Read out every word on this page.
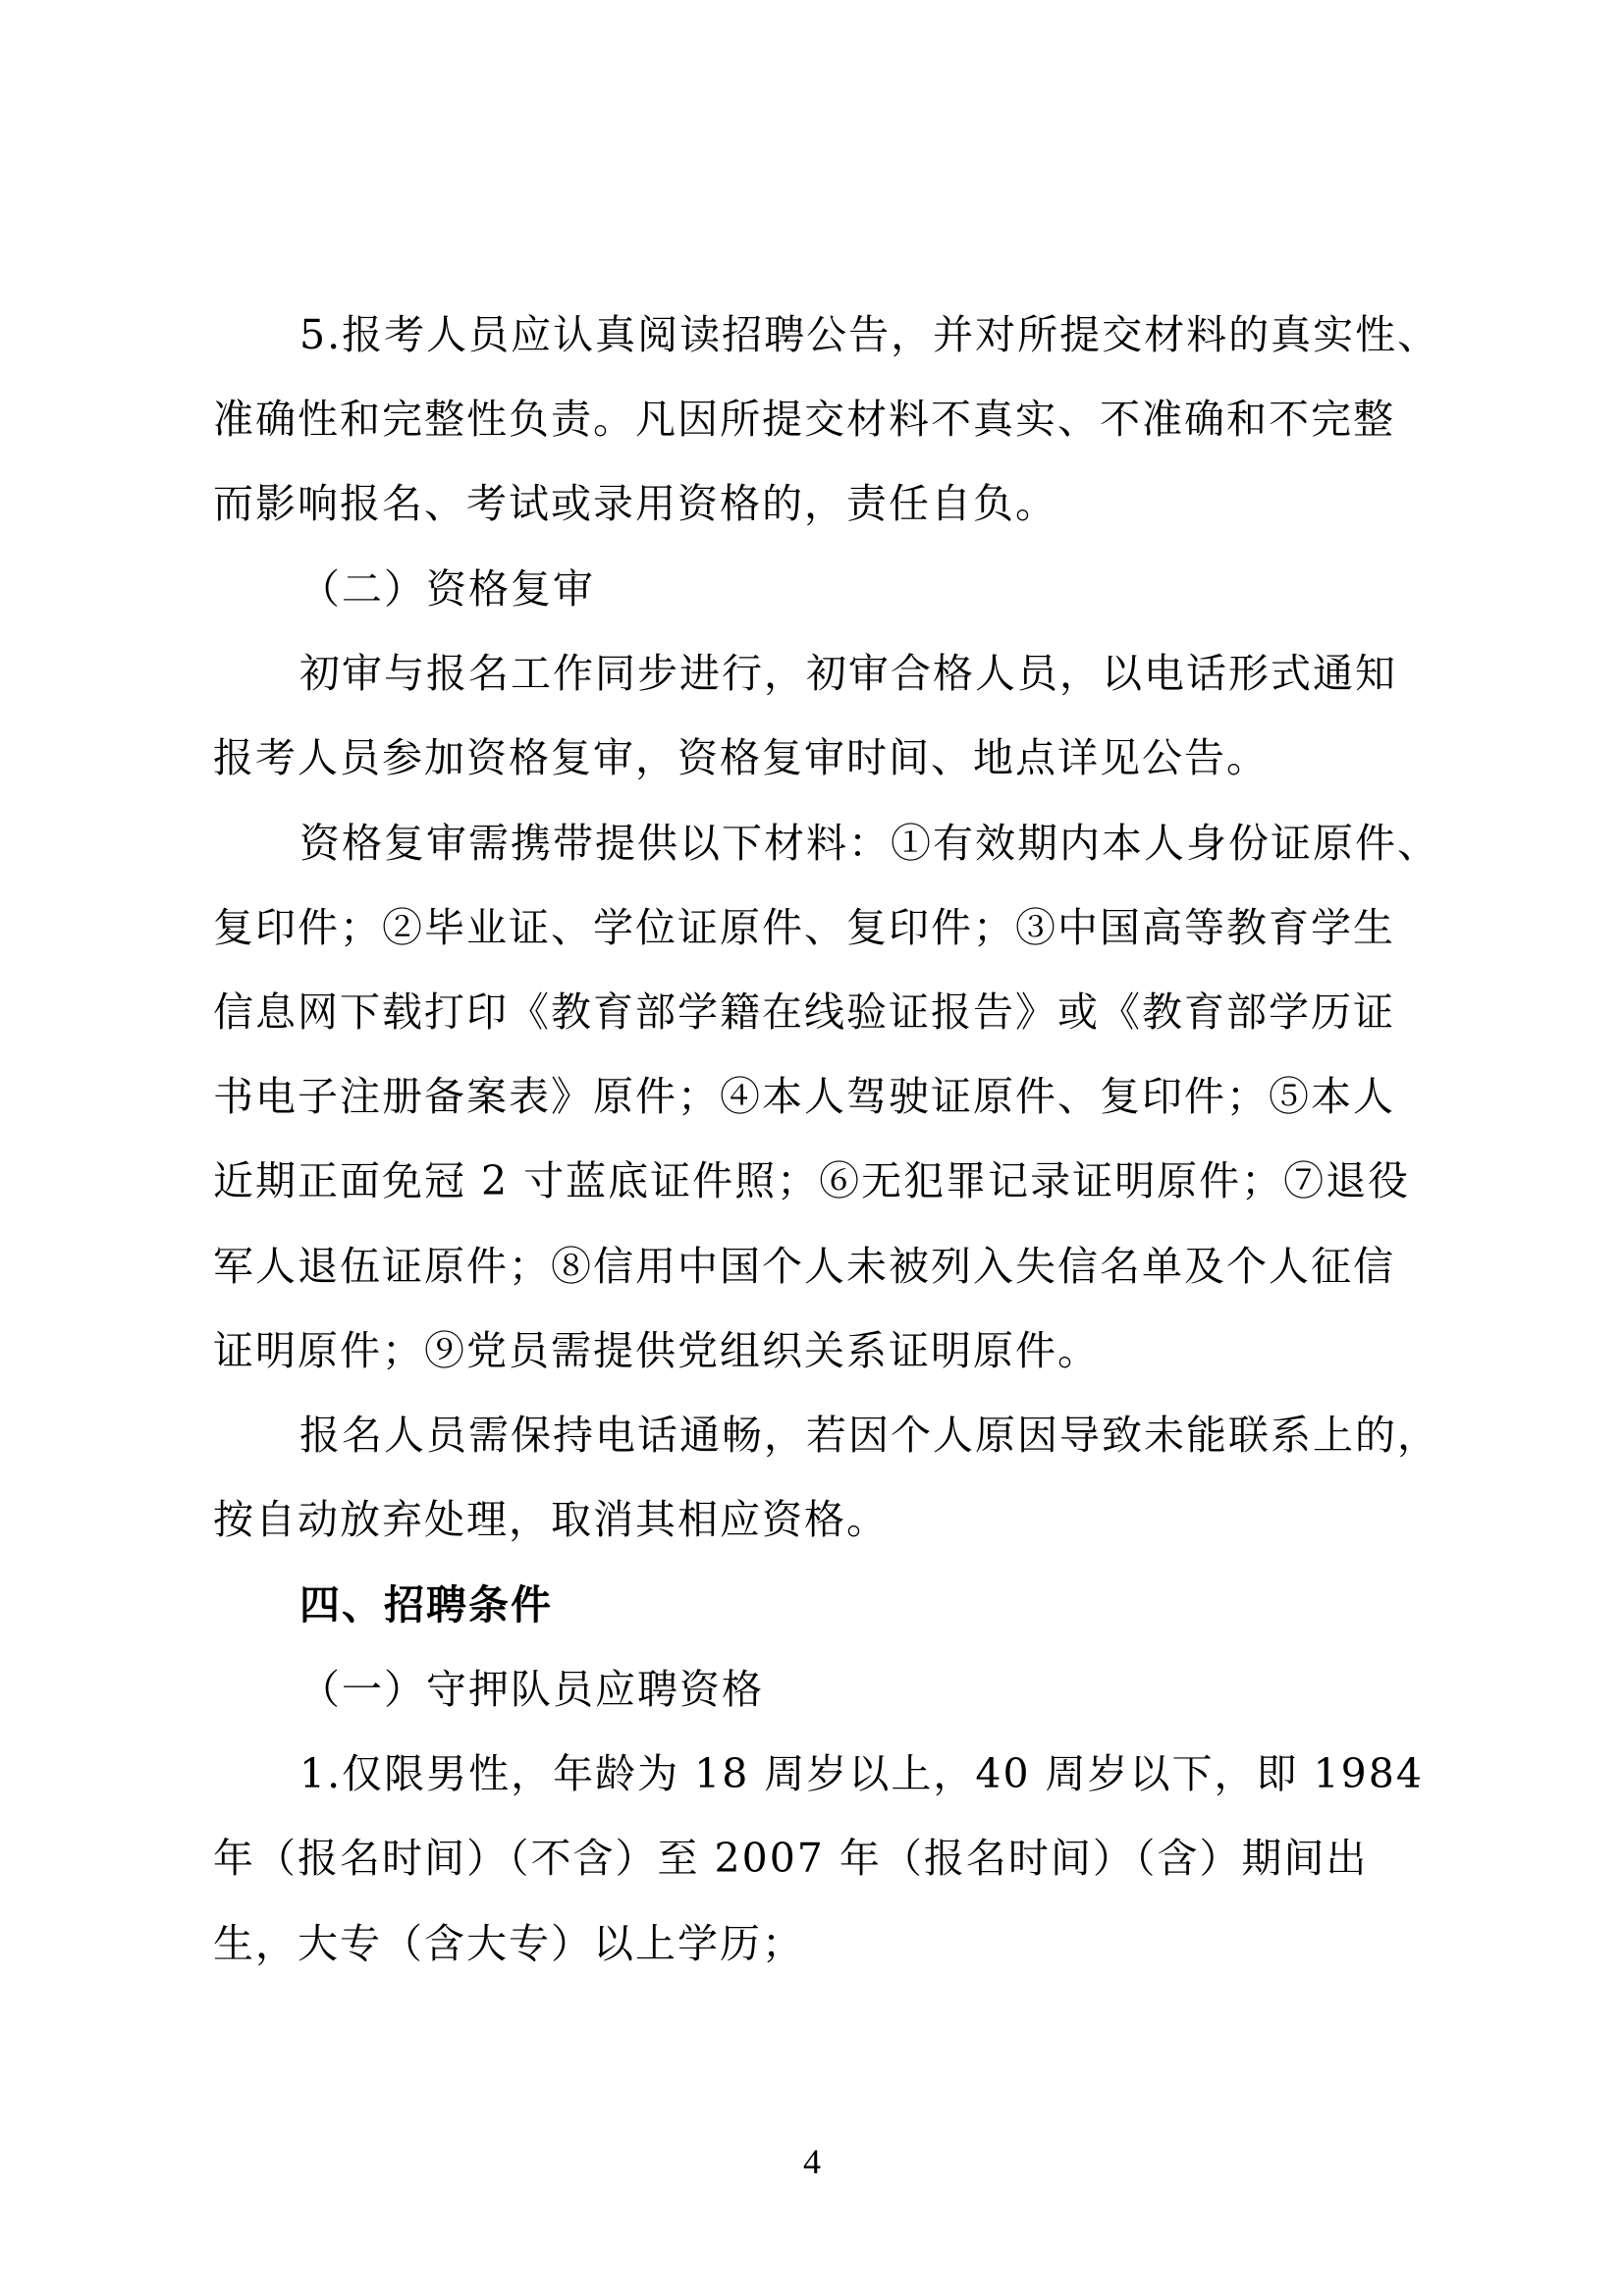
5.报考人员应认真阅读招聘公告，并对所提交材料的真实性、
准确性和完整性负责。凡因所提交材料不真实、不准确和不完整
而影响报名、考试或录用资格的，责任自负。
（二）资格复审
初审与报名工作同步进行，初审合格人员，以电话形式通知
报考人员参加资格复审，资格复审时间、地点详见公告。
资格复审需携带提供以下材料：①有效期内本人身份证原件、
复印件；②毕业证、学位证原件、复印件；③中国高等教育学生
信息网下载打印《教育部学籍在线验证报告》或《教育部学历证
书电子注册备案表》原件；④本人驾驶证原件、复印件；⑤本人
近期正面免冠 2 寸蓝底证件照；⑥无犯罪记录证明原件；⑦退役
军人退伍证原件；⑧信用中国个人未被列入失信名单及个人征信
证明原件；⑨党员需提供党组织关系证明原件。
报名人员需保持电话通畅，若因个人原因导致未能联系上的，
按自动放弃处理，取消其相应资格。
四、招聘条件
（一）守押队员应聘资格
1.仅限男性，年龄为 18 周岁以上，40 周岁以下，即 1984
年（报名时间）（不含）至 2007 年（报名时间）（含）期间出
生，大专（含大专）以上学历；
4
